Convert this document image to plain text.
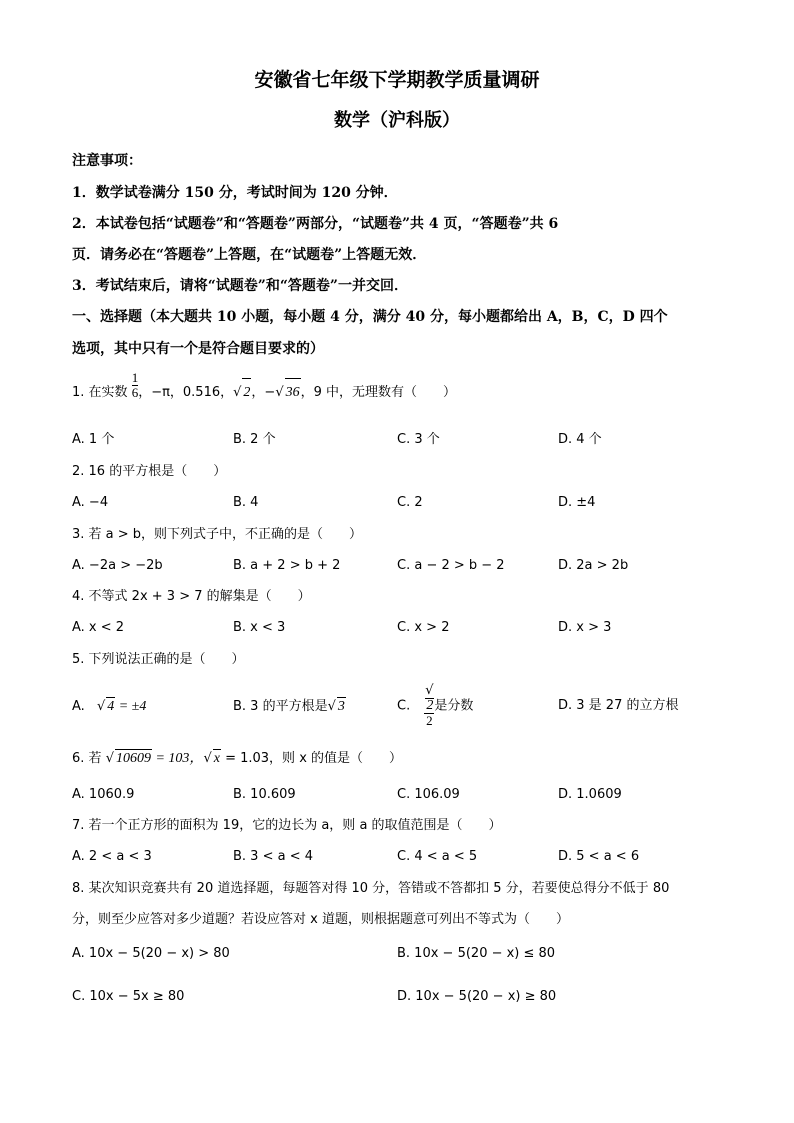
安徽省七年级下学期教学质量调研
数学（沪科版）
注意事项：
1．数学试卷满分 150 分，考试时间为 120 分钟．
2．本试卷包括“试题卷”和“答题卷”两部分，“试题卷”共 4 页，“答题卷”共 6
页．请务必在“答题卷”上答题，在“试题卷”上答题无效．
3．考试结束后，请将“试题卷”和“答题卷”一并交回．
一、选择题（本大题共 10 小题，每小题 4 分，满分 40 分，每小题都给出 A，B，C，D 四个
选项，其中只有一个是符合题目要求的）
1. 在实数 $\frac{1}{6}$ ，−π，0.516，√ 2，−√ 36，9 中，无理数有（　　）
A. 1 个	B. 2 个	C. 3 个	D. 4 个
2. 16 的平方根是（　　）
A. −4	B. 4	C. 2	D. ±4
3. 若 a > b，则下列式子中，不正确的是（　　）
A. −2a > −2b	B. a + 2 > b + 2	C. a − 2 > b − 2	D. 2a > 2b
4. 不等式 2x + 3 > 7 的解集是（　　）
A. x < 2	B. x < 3	C. x > 2	D. x > 3
5. 下列说法正确的是（　　）
A. √ 4 = ±4	B. 3 的平方根是√ 3	C. √
2
2 是分数	D. 3 是 27 的立方根
6. 若 √ 10609 = 103，√ x = 1.03，则 x 的值是（　　）
A. 1060.9	B. 10.609	C. 106.09	D. 1.0609
7. 若一个正方形的面积为 19，它的边长为 a，则 a 的取值范围是（　　）
A. 2 < a < 3	B. 3 < a < 4	C. 4 < a < 5	D. 5 < a < 6
8. 某次知识竞赛共有 20 道选择题，每题答对得 10 分，答错或不答都扣 5 分，若要使总得分不低于 80
分，则至少应答对多少道题？若设应答对 x 道题，则根据题意可列出不等式为（　　）
A. 10x − 5(20 − x) > 80	B. 10x − 5(20 − x) ≤ 80
C. 10x − 5x ≥ 80	D. 10x − 5(20 − x) ≥ 80
